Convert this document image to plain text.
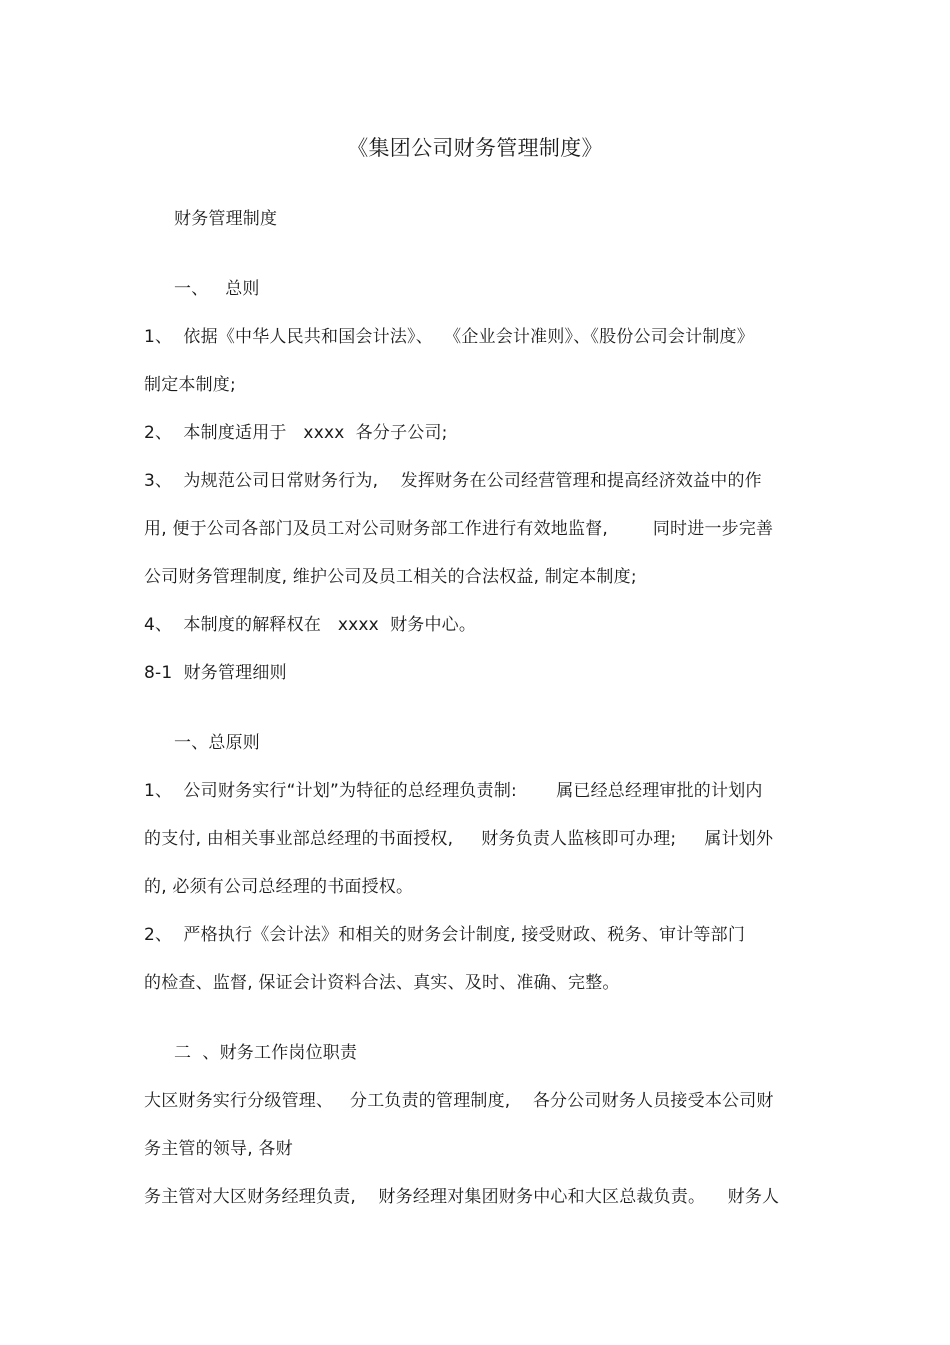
《集团公司财务管理制度》
财务管理制度
一、   总则
1、  依据《中华人民共和国会计法》、  《企业会计准则》、《股份公司会计制度》
制定本制度;
2、  本制度适用于   xxxx  各分子公司;
3、  为规范公司日常财务行为,    发挥财务在公司经营管理和提高经济效益中的作
用, 便于公司各部门及员工对公司财务部工作进行有效地监督,        同时进一步完善
公司财务管理制度, 维护公司及员工相关的合法权益, 制定本制度;
4、  本制度的解释权在   xxxx  财务中心。
8-1  财务管理细则
一、总原则
1、  公司财务实行“计划”为特征的总经理负责制:       属已经总经理审批的计划内
的支付, 由相关事业部总经理的书面授权,     财务负责人监核即可办理;     属计划外
的, 必须有公司总经理的书面授权。
2、  严格执行《会计法》和相关的财务会计制度, 接受财政、税务、审计等部门
的检查、监督, 保证会计资料合法、真实、及时、准确、完整。
二  、财务工作岗位职责
大区财务实行分级管理、   分工负责的管理制度,    各分公司财务人员接受本公司财
务主管的领导, 各财
务主管对大区财务经理负责,    财务经理对集团财务中心和大区总裁负责。    财务人
